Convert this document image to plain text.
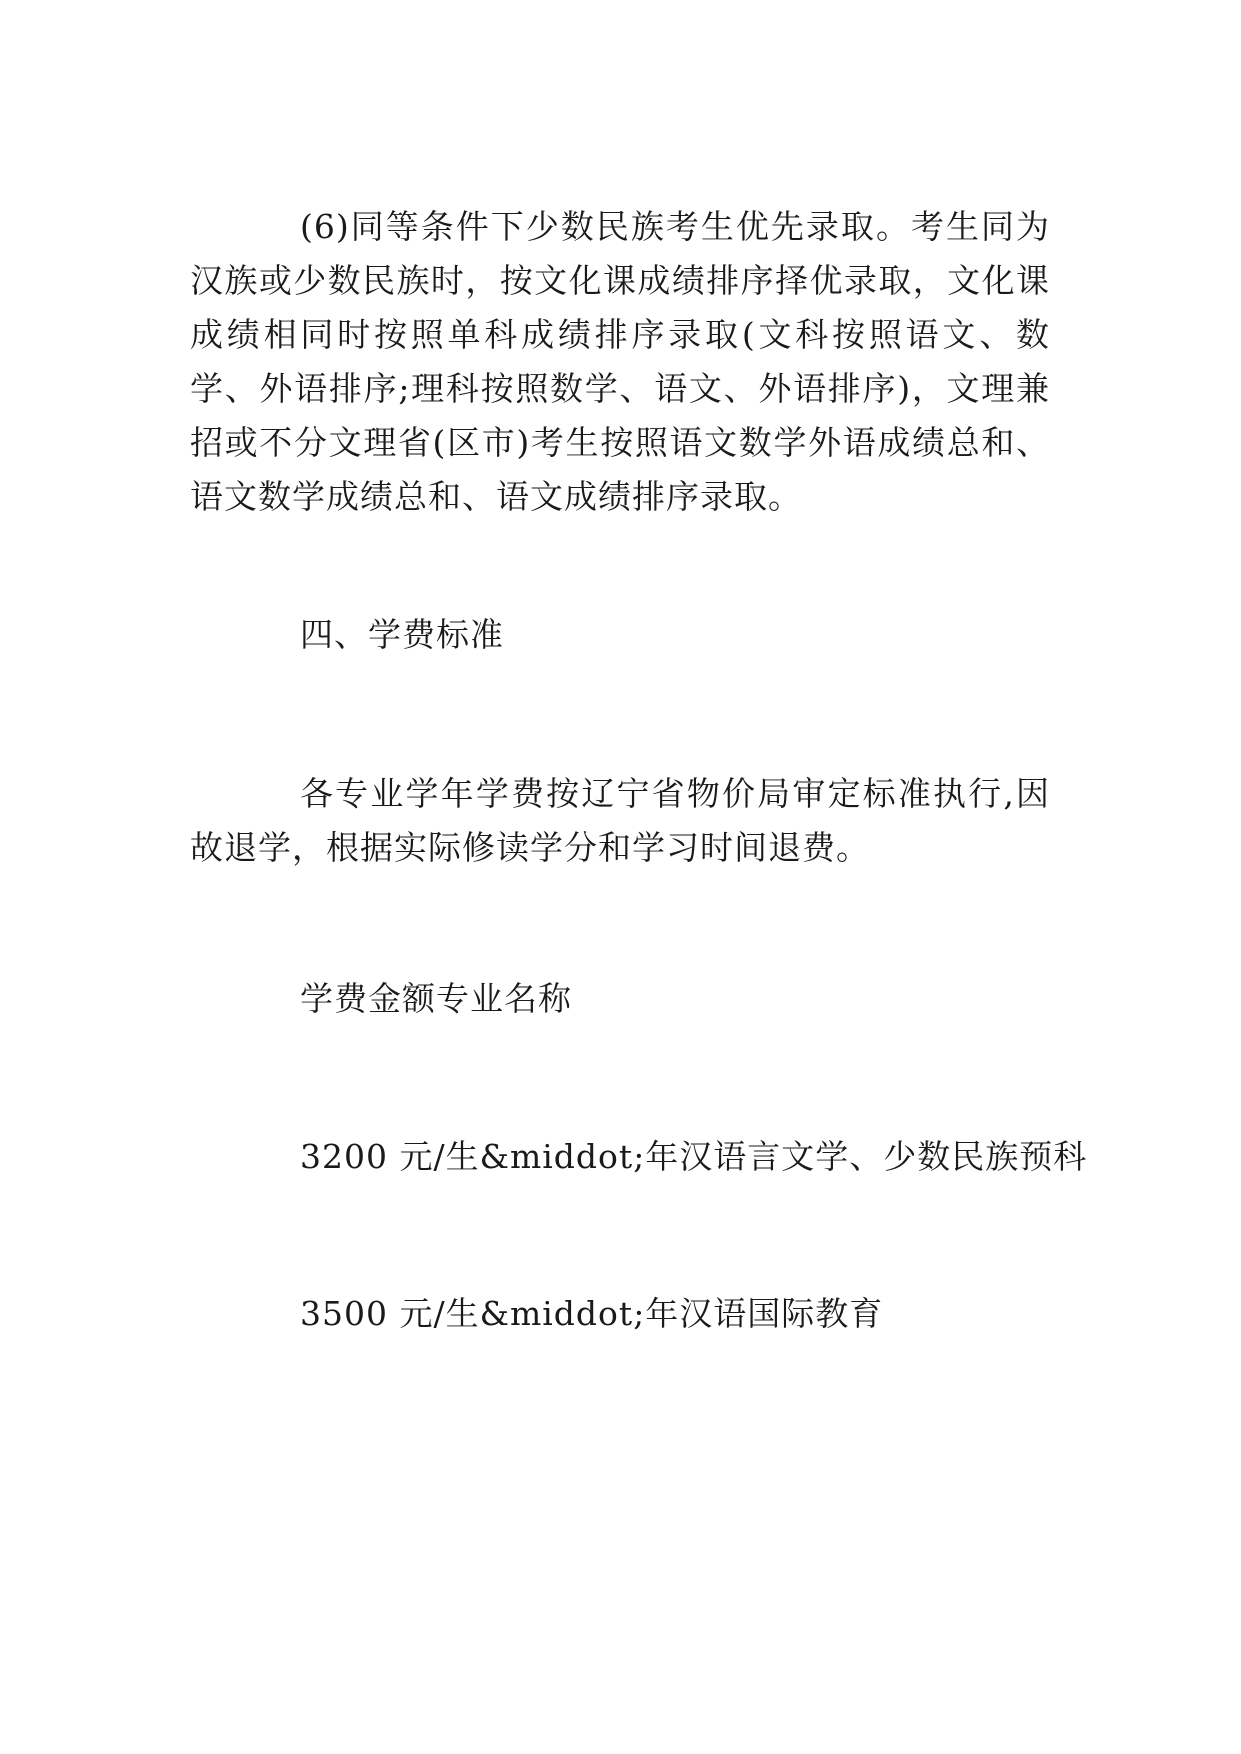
(6)同等条件下少数民族考生优先录取。考生同为汉族或少数民族时，按文化课成绩排序择优录取，文化课成绩相同时按照单科成绩排序录取(文科按照语文、数学、外语排序;理科按照数学、语文、外语排序)，文理兼招或不分文理省(区市)考生按照语文数学外语成绩总和、语文数学成绩总和、语文成绩排序录取。

四、学费标准

各专业学年学费按辽宁省物价局审定标准执行,因故退学，根据实际修读学分和学习时间退费。

学费金额专业名称
3200 元/生&middot;年汉语言文学、少数民族预科
3500 元/生&middot;年汉语国际教育
